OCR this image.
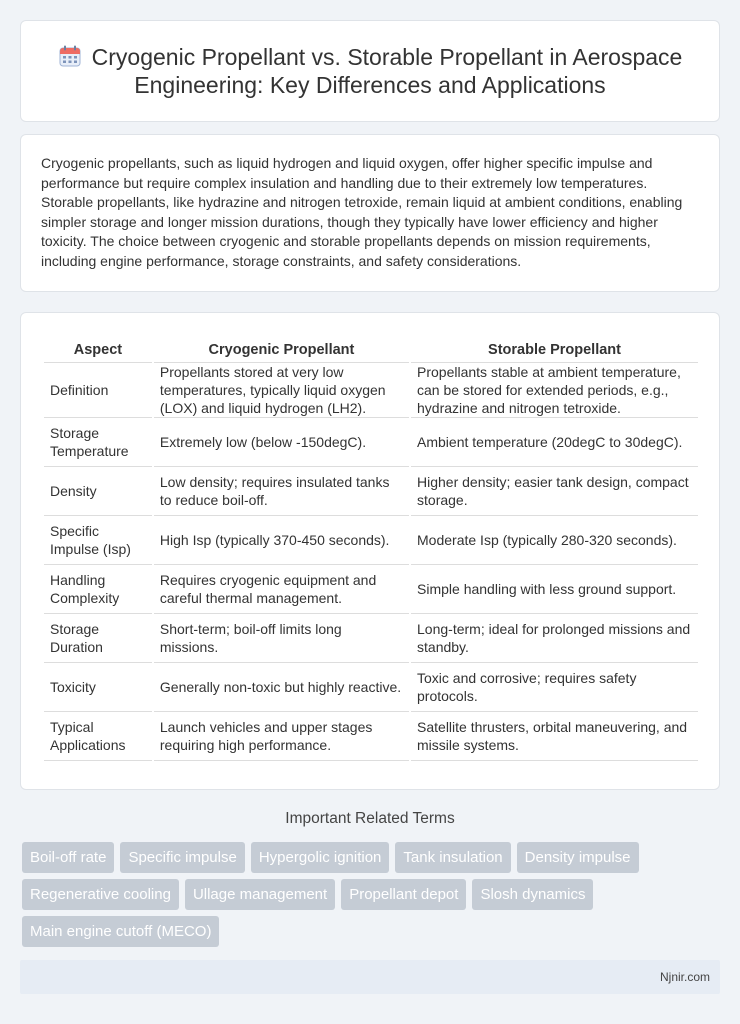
Cryogenic Propellant vs. Storable Propellant in Aerospace Engineering: Key Differences and Applications

Cryogenic propellants, such as liquid hydrogen and liquid oxygen, offer higher specific impulse and performance but require complex insulation and handling due to their extremely low temperatures. Storable propellants, like hydrazine and nitrogen tetroxide, remain liquid at ambient conditions, enabling simpler storage and longer mission durations, though they typically have lower efficiency and higher toxicity. The choice between cryogenic and storable propellants depends on mission requirements, including engine performance, storage constraints, and safety considerations.

Aspect	Cryogenic Propellant	Storable Propellant
Definition	Propellants stored at very low temperatures, typically liquid oxygen (LOX) and liquid hydrogen (LH2).	Propellants stable at ambient temperature, can be stored for extended periods, e.g., hydrazine and nitrogen tetroxide.
Storage Temperature	Extremely low (below -150degC).	Ambient temperature (20degC to 30degC).
Density	Low density; requires insulated tanks to reduce boil-off.	Higher density; easier tank design, compact storage.
Specific Impulse (Isp)	High Isp (typically 370-450 seconds).	Moderate Isp (typically 280-320 seconds).
Handling Complexity	Requires cryogenic equipment and careful thermal management.	Simple handling with less ground support.
Storage Duration	Short-term; boil-off limits long missions.	Long-term; ideal for prolonged missions and standby.
Toxicity	Generally non-toxic but highly reactive.	Toxic and corrosive; requires safety protocols.
Typical Applications	Launch vehicles and upper stages requiring high performance.	Satellite thrusters, orbital maneuvering, and missile systems.
Important Related Terms
Boil-off rate	Specific impulse	Hypergolic ignition	Tank insulation	Density impulse
Regenerative cooling	Ullage management	Propellant depot	Slosh dynamics
Main engine cutoff (MECO)
Njnir.com
